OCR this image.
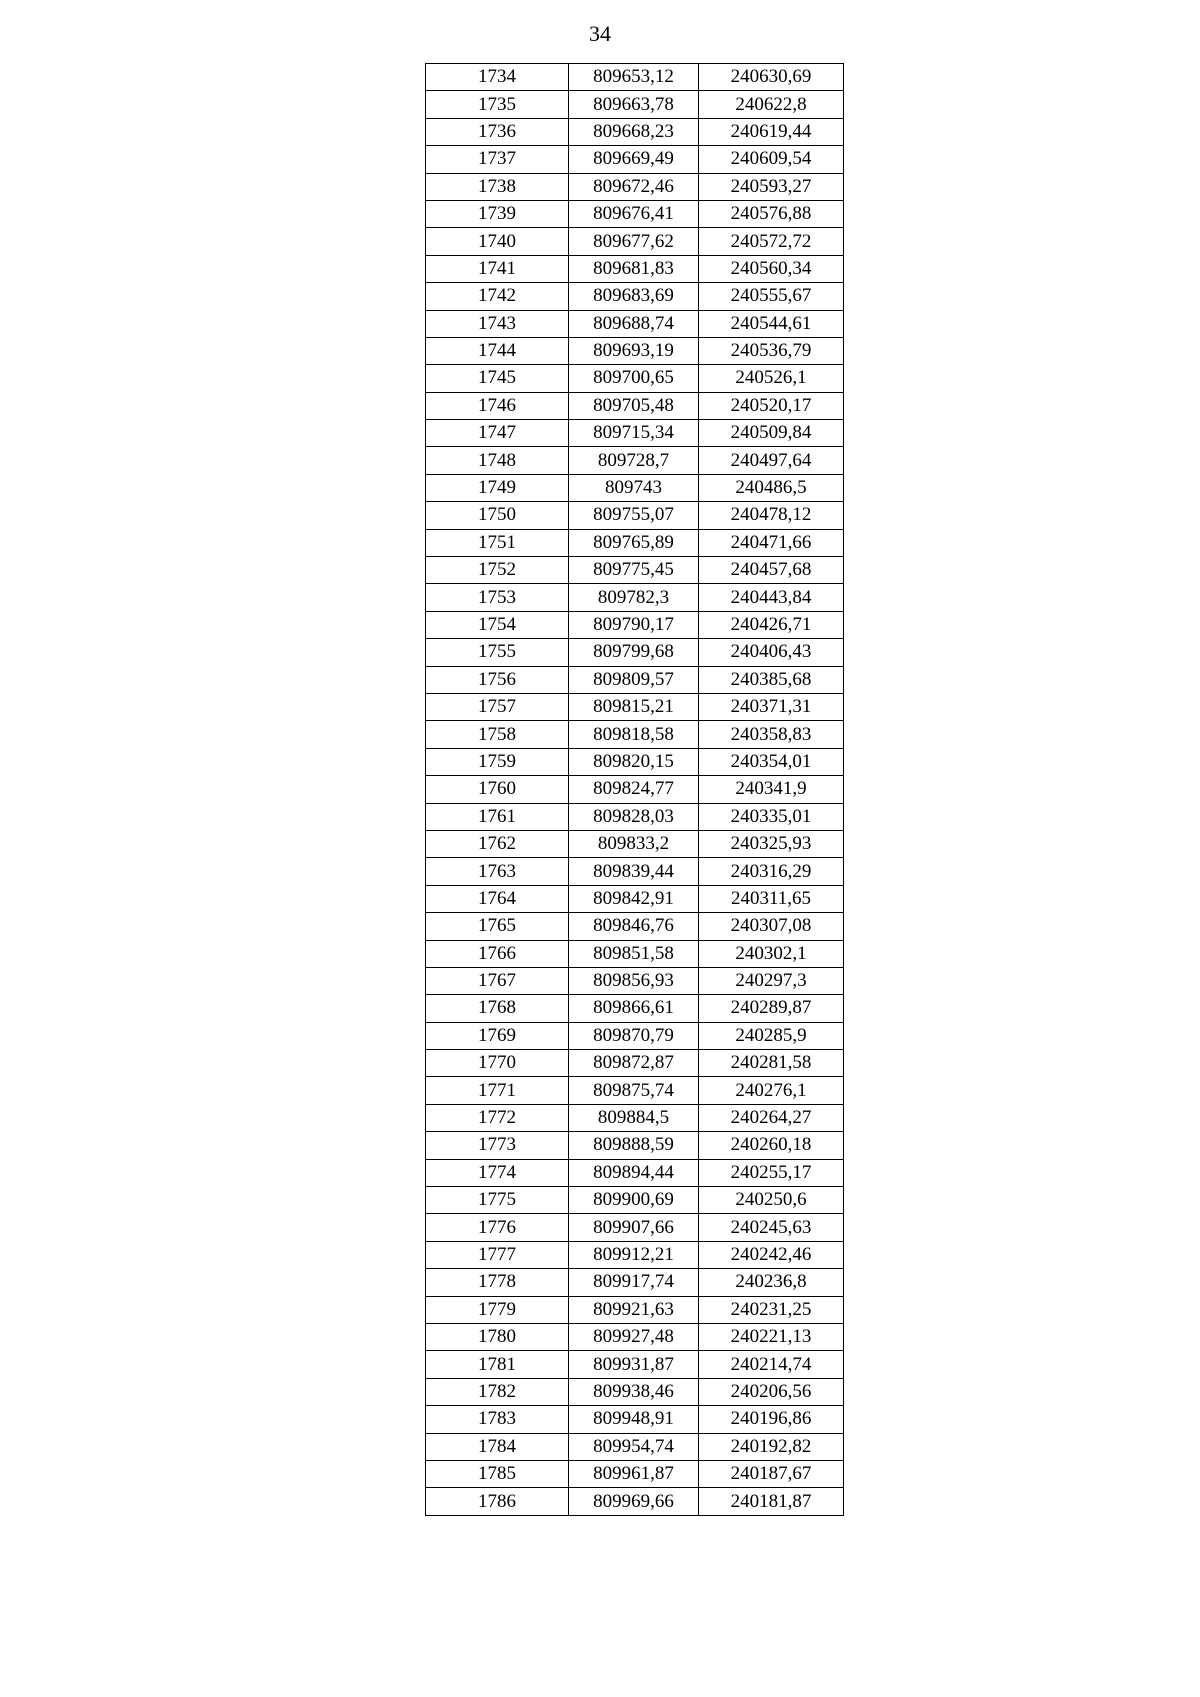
34
1734	809653,12	240630,69
1735	809663,78	240622,8
1736	809668,23	240619,44
1737	809669,49	240609,54
1738	809672,46	240593,27
1739	809676,41	240576,88
1740	809677,62	240572,72
1741	809681,83	240560,34
1742	809683,69	240555,67
1743	809688,74	240544,61
1744	809693,19	240536,79
1745	809700,65	240526,1
1746	809705,48	240520,17
1747	809715,34	240509,84
1748	809728,7	240497,64
1749	809743	240486,5
1750	809755,07	240478,12
1751	809765,89	240471,66
1752	809775,45	240457,68
1753	809782,3	240443,84
1754	809790,17	240426,71
1755	809799,68	240406,43
1756	809809,57	240385,68
1757	809815,21	240371,31
1758	809818,58	240358,83
1759	809820,15	240354,01
1760	809824,77	240341,9
1761	809828,03	240335,01
1762	809833,2	240325,93
1763	809839,44	240316,29
1764	809842,91	240311,65
1765	809846,76	240307,08
1766	809851,58	240302,1
1767	809856,93	240297,3
1768	809866,61	240289,87
1769	809870,79	240285,9
1770	809872,87	240281,58
1771	809875,74	240276,1
1772	809884,5	240264,27
1773	809888,59	240260,18
1774	809894,44	240255,17
1775	809900,69	240250,6
1776	809907,66	240245,63
1777	809912,21	240242,46
1778	809917,74	240236,8
1779	809921,63	240231,25
1780	809927,48	240221,13
1781	809931,87	240214,74
1782	809938,46	240206,56
1783	809948,91	240196,86
1784	809954,74	240192,82
1785	809961,87	240187,67
1786	809969,66	240181,87
